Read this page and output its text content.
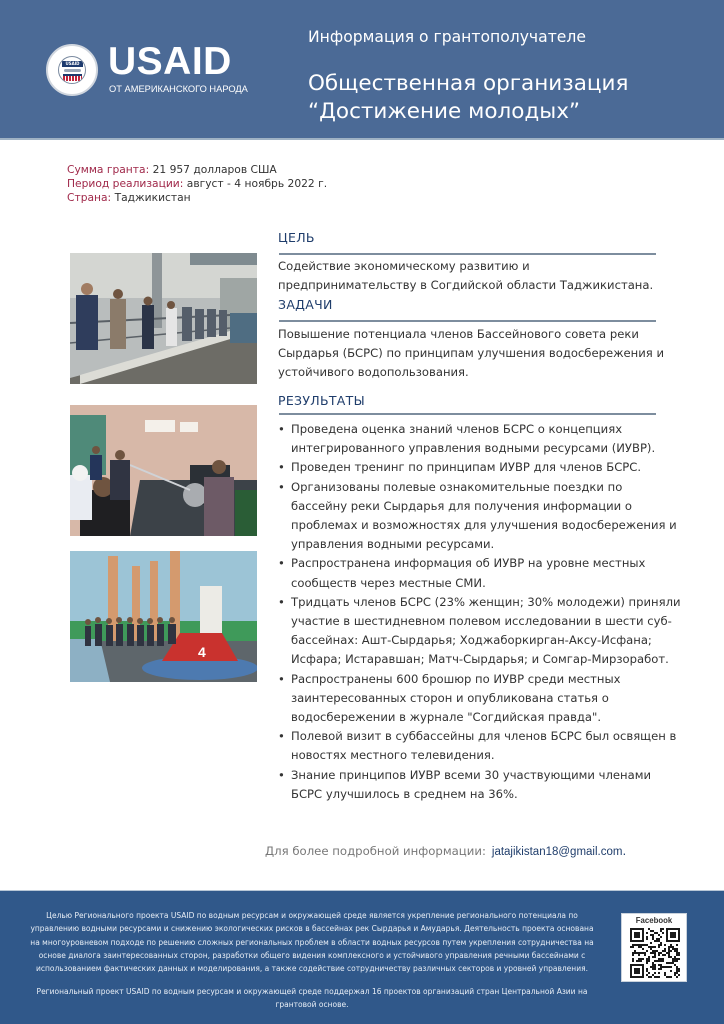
USAID USAID
ОТ АМЕРИКАНСКОГО НАРОДА
Информация о грантополучателе
Общественная организация
“Достижение молодых”
Сумма гранта: 21 957 долларов США
Период реализации: август - 4 ноябрь 2022 г.
Страна: Таджикистан
4
ЦЕЛЬ
Содействие экономическому развитию и
предпринимательству в Согдийской области Таджикистана.
ЗАДАЧИ
Повышение потенциала членов Бассейнового совета реки
Сырдарья (БСРС) по принципам улучшения водосбережения и
устойчивого водопользования.
РЕЗУЛЬТАТЫ
• Проведена оценка знаний членов БСРС о концепциях
интегрированного управления водными ресурсами (ИУВР).
• Проведен тренинг по принципам ИУВР для членов БСРС.
• Организованы полевые ознакомительные поездки по
бассейну реки Сырдарья для получения информации о
проблемах и возможностях для улучшения водосбережения и
управления водными ресурсами.
• Распространена информация об ИУВР на уровне местных
сообществ через местные СМИ.
• Тридцать членов БСРС (23% женщин; 30% молодежи) приняли
участие в шестидневном полевом исследовании в шести суб-
бассейнах: Ашт-Сырдарья; Ходжаборкирган-Аксу-Исфана;
Исфара; Истаравшан; Матч-Сырдарья; и Сомгар-Мирзоработ.
• Распространены 600 брошюр по ИУВР среди местных
заинтересованных сторон и опубликована статья о
водосбережении в журнале "Согдийская правда".
• Полевой визит в суббассейны для членов БСРС был освящен в
новостях местного телевидения.
• Знание принципов ИУВР всеми 30 участвующими членами
БСРС улучшилось в среднем на 36%.
Для более подробной информации: jatajikistan18@gmail.com.
Целью Регионального проекта USAID по водным ресурсам и окружающей среде является укрепление регионального потенциала по
управлению водными ресурсами и снижению экологических рисков в бассейнах рек Сырдарья и Амударья. Деятельность проекта основана
на многоуровневом подходе по решению сложных региональных проблем в области водных ресурсов путем укрепления сотрудничества на
основе диалога заинтересованных сторон, разработки общего видения комплексного и устойчивого управления речными бассейнами с
использованием фактических данных и моделирования, а также содействие сотрудничеству различных секторов и уровней управления.
Региональный проект USAID по водным ресурсам и окружающей среде поддержал 16 проектов организаций стран Центральной Азии на
грантовой основе.
Facebook
